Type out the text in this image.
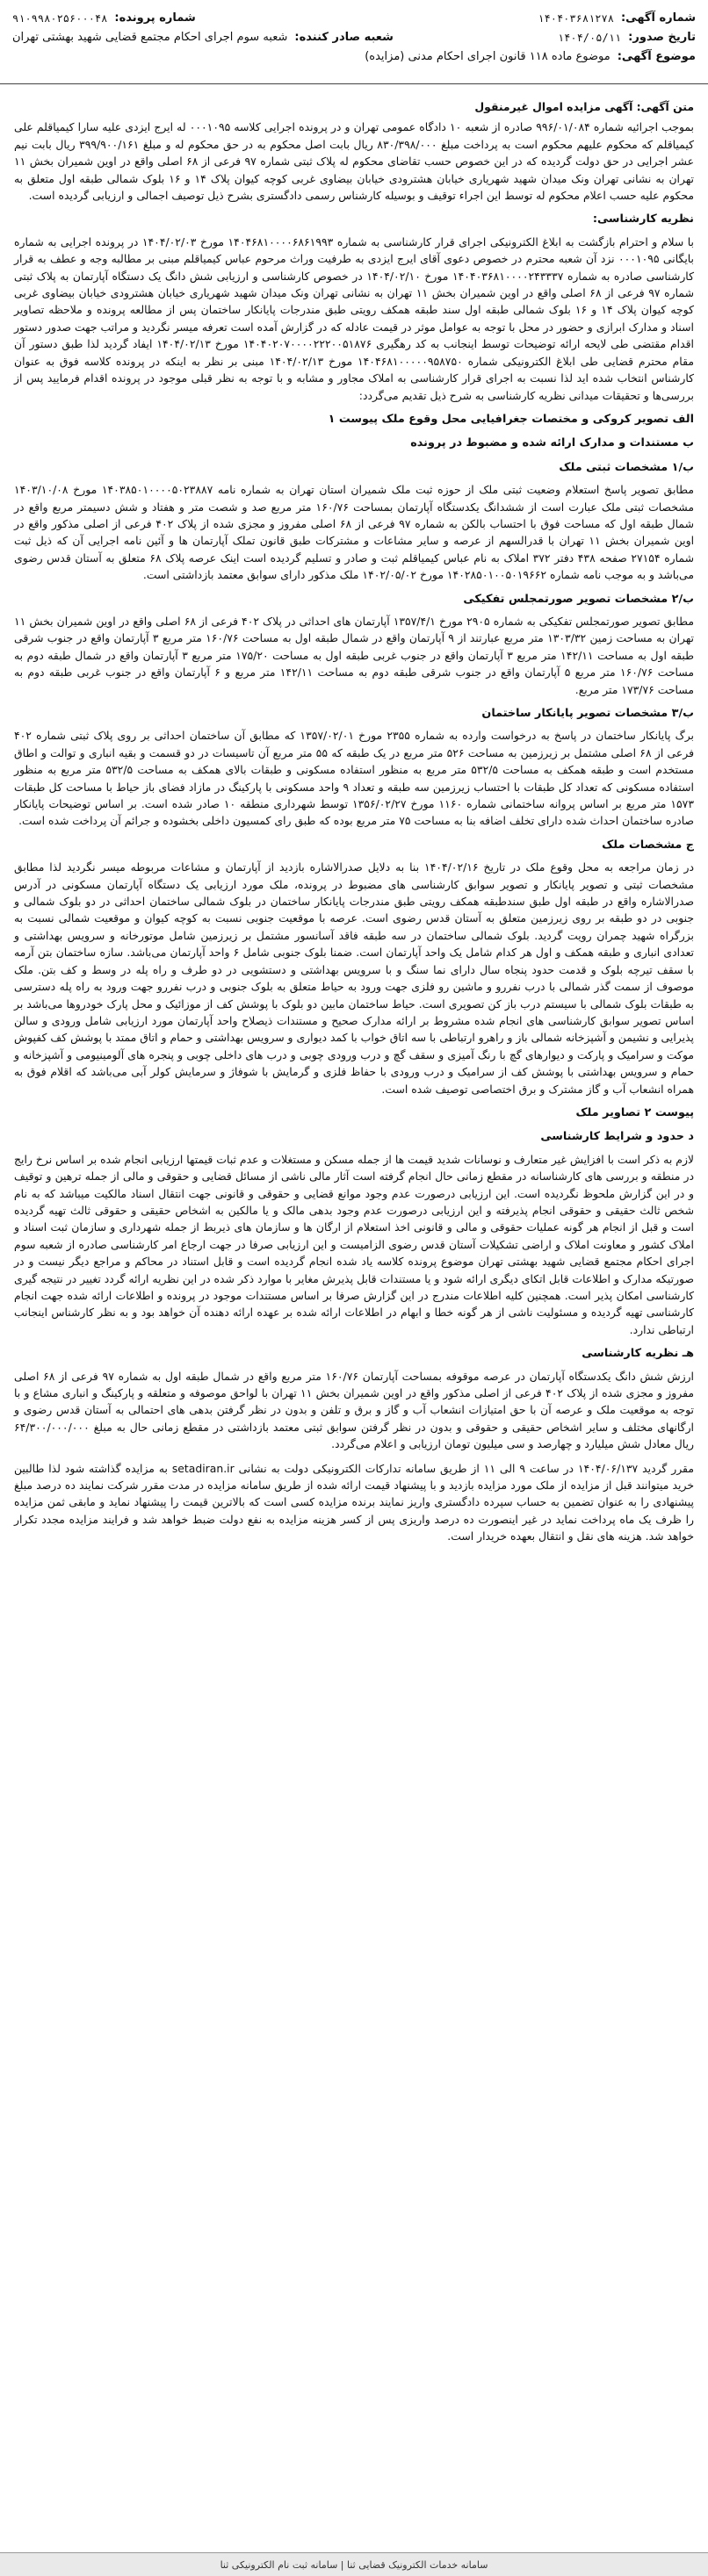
شماره آگهی:
۱۴۰۴۰۳۶۸۱۲۷۸
شماره پرونده:
۹۱۰۹۹۸۰۲۵۶۰۰۰۴۸
تاریخ صدور:
۱۴۰۴/۰۵/۱۱
شعبه صادر کننده:
شعبه سوم اجرای احکام مجتمع قضایی شهید بهشتی تهران
موضوع آگهی:
موضوع ماده ۱۱۸ قانون اجرای احکام مدنی (مزایده)
متن آگهی: آگهی مزایده اموال غیرمنقول

بموجب اجرائیه شماره ۹۹۶/۰۱/۰۸۴ صادره از شعبه ۱۰ دادگاه عمومی تهران و در پرونده اجرایی کلاسه ۰۰۰۱۰۹۵ له ایرج ایزدی علیه سارا کیمیاقلم علی کیمیاقلم که محکوم علیهم محکوم است به پرداخت مبلغ ۸۳۰/۳۹۸/۰۰۰ ریال بابت اصل محکوم به در حق محکوم له و مبلغ ۳۹۹/۹۰۰/۱۶۱ ریال بابت نیم عشر اجرایی در حق دولت گردیده که در این خصوص حسب تقاضای محکوم له پلاک ثبتی شماره ۹۷ فرعی از ۶۸ اصلی واقع در اوین شمیران بخش ۱۱ تهران به نشانی تهران ونک میدان شهید شهریاری خیابان هشترودی خیابان بیضاوی غربی کوچه کیوان پلاک ۱۴ و ۱۶ بلوک شمالی طبقه اول متعلق به محکوم علیه حسب اعلام محکوم له توسط این اجراء توقیف و بوسیله کارشناس رسمی دادگستری بشرح ذیل توصیف اجمالی و ارزیابی گردیده است.

نظریه کارشناسی:

با سلام و احترام بازگشت به ابلاغ الکترونیکی اجرای قرار کارشناسی به شماره ۱۴۰۴۶۸۱۰۰۰۰۶۸۶۱۹۹۳ مورخ ۱۴۰۴/۰۲/۰۳ در پرونده اجرایی به شماره بایگانی ۰۰۰۱۰۹۵ نزد آن شعبه محترم در خصوص دعوی آقای ایرج ایزدی به طرفیت وراث مرحوم عباس کیمیاقلم مبنی بر مطالبه وجه و عطف به قرار کارشناسی صادره به شماره ۱۴۰۴۰۳۶۸۱۰۰۰۰۲۴۳۳۳۷ مورخ ۱۴۰۴/۰۲/۱۰ در خصوص کارشناسی و ارزیابی شش دانگ یک دستگاه آپارتمان به پلاک ثبتی شماره ۹۷ فرعی از ۶۸ اصلی واقع در اوین شمیران بخش ۱۱ تهران به نشانی تهران ونک میدان شهید شهریاری خیابان هشترودی خیابان بیضاوی غربی کوچه کیوان پلاک ۱۴ و ۱۶ بلوک شمالی طبقه اول سند طبقه همکف رویتی طبق مندرجات پایانکار ساختمان پس از مطالعه پرونده و ملاحظه تصاویر اسناد و مدارک ابرازی و حضور در محل با توجه به عوامل موثر در قیمت عادله که در گزارش آمده است تعرفه میسر نگردید و مراتب جهت صدور دستور اقدام مقتضی طی لایحه ارائه توضیحات توسط اینجانب به کد رهگیری ۱۴۰۴۰۲۰۷۰۰۰۰۲۲۲۰۰۵۱۸۷۶ مورخ ۱۴۰۴/۰۲/۱۳ ایفاد گردید لذا طبق دستور آن مقام محترم قضایی طی ابلاغ الکترونیکی شماره ۱۴۰۴۶۸۱۰۰۰۰۰۹۵۸۷۵۰ مورخ ۱۴۰۴/۰۲/۱۳ مبنی بر نظر به اینکه در پرونده کلاسه فوق به عنوان کارشناس انتخاب شده اید لذا نسبت به اجرای قرار کارشناسی به املاک مجاور و مشابه و با توجه به نظر قبلی موجود در پرونده اقدام فرمایید پس از بررسی‌ها و تحقیقات میدانی نظریه کارشناسی به شرح ذیل تقدیم می‌گردد:

الف تصویر کروکی و مختصات جغرافیایی محل وقوع ملک پیوست ۱
ب مستندات و مدارک ارائه شده و مضبوط در پرونده
ب/۱ مشخصات ثبتی ملک

مطابق تصویر پاسخ استعلام وضعیت ثبتی ملک از حوزه ثبت ملک شمیران استان تهران به شماره نامه ۱۴۰۳۸۵۰۱۰۰۰۰۵۰۲۳۸۸۷ مورخ ۱۴۰۳/۱۰/۰۸ مشخصات ثبتی ملک عبارت است از ششدانگ یکدستگاه آپارتمان بمساحت ۱۶۰/۷۶ متر مربع صد و شصت متر و هفتاد و شش دسیمتر مربع واقع در شمال طبقه اول که مساحت فوق با احتساب بالکن به شماره ۹۷ فرعی از ۶۸ اصلی مفروز و مجزی شده از پلاک ۴۰۲ فرعی از اصلی مذکور واقع در اوین شمیران بخش ۱۱ تهران با قدرالسهم از عرصه و سایر مشاعات و مشترکات طبق قانون تملک آپارتمان ها و آئین نامه اجرایی آن که ذیل ثبت شماره ۲۷۱۵۴ صفحه ۴۳۸ دفتر ۳۷۲ املاک به نام عباس کیمیاقلم ثبت و صادر و تسلیم گردیده است اینک عرصه پلاک ۶۸ متعلق به آستان قدس رضوی می‌باشد و به موجب نامه شماره ۱۴۰۲۸۵۰۱۰۰۵۰۱۹۶۶۲ مورخ ۱۴۰۲/۰۵/۰۲ ملک مذکور دارای سوابق معتمد بازداشتی است.

ب/۲ مشخصات تصویر صورتمجلس تفکیکی

مطابق تصویر صورتمجلس تفکیکی به شماره ۲۹۰۵ مورخ ۱۳۵۷/۴/۱ آپارتمان های احداثی در پلاک ۴۰۲ فرعی از ۶۸ اصلی واقع در اوین شمیران بخش ۱۱ تهران به مساحت زمین ۱۳۰۳/۳۲ متر مربع عبارتند از ۹ آپارتمان واقع در شمال طبقه اول به مساحت ۱۶۰/۷۶ متر مربع ۳ آپارتمان واقع در جنوب شرقی طبقه اول به مساحت ۱۴۲/۱۱ متر مربع ۳ آپارتمان واقع در جنوب غربی طبقه اول به مساحت ۱۷۵/۲۰ متر مربع ۳ آپارتمان واقع در شمال طبقه دوم به مساحت ۱۶۰/۷۶ متر مربع ۵ آپارتمان واقع در جنوب شرقی طبقه دوم به مساحت ۱۴۲/۱۱ متر مربع و ۶ آپارتمان واقع در جنوب غربی طبقه دوم به مساحت ۱۷۳/۷۶ متر مربع.

ب/۳ مشخصات تصویر پایانکار ساختمان

برگ پایانکار ساختمان در پاسخ به درخواست وارده به شماره ۲۳۵۵ مورخ ۱۳۵۷/۰۲/۰۱ که مطابق آن ساختمان احداثی بر روی پلاک ثبتی شماره ۴۰۲ فرعی از ۶۸ اصلی مشتمل بر زیرزمین به مساحت ۵۲۶ متر مربع در یک طبقه که ۵۵ متر مربع آن تاسیسات در دو قسمت و بقیه انباری و توالت و اطاق مستخدم است و طبقه همکف به مساحت ۵۳۲/۵ متر مربع به منظور استفاده مسکونی و طبقات بالای همکف به مساحت ۵۳۲/۵ متر مربع به منظور استفاده مسکونی که تعداد کل طبقات با احتساب زیرزمین سه طبقه و تعداد ۹ واحد مسکونی با پارکینگ در مازاد فضای باز حیاط با مساحت کل طبقات ۱۵۷۳ متر مربع بر اساس پروانه ساختمانی شماره ۱۱۶۰ مورخ ۱۳۵۶/۰۲/۲۷ توسط شهرداری منطقه ۱۰ صادر شده است. بر اساس توضیحات پایانکار صادره ساختمان احداث شده دارای تخلف اضافه بنا به مساحت ۷۵ متر مربع بوده که طبق رای کمسیون داخلی بخشوده و جرائم آن پرداخت شده است.

ج مشخصات ملک

در زمان مراجعه به محل وقوع ملک در تاریخ ۱۴۰۴/۰۲/۱۶ بنا به دلایل صدرالاشاره بازدید از آپارتمان و مشاعات مربوطه میسر نگردید لذا مطابق مشخصات ثبتی و تصویر پایانکار و تصویر سوابق کارشناسی های مضبوط در پرونده، ملک مورد ارزیابی یک دستگاه آپارتمان مسکونی در آدرس صدرالاشاره واقع در طبقه اول طبق سندطبقه همکف رویتی طبق مندرجات پایانکار ساختمان در بلوک شمالی ساختمان احداثی در دو بلوک شمالی و جنوبی در دو طبقه بر روی زیرزمین متعلق به آستان قدس رضوی است. عرصه با موقعیت جنوبی نسبت به کوچه کیوان و موقعیت شمالی نسبت به بزرگراه شهید چمران رویت گردید. بلوک شمالی ساختمان در سه طبقه فاقد آسانسور مشتمل بر زیرزمین شامل موتورخانه و سرویس بهداشتی و تعدادی انباری و طبقه همکف و اول هر کدام شامل یک واحد آپارتمان است. ضمنا بلوک جنوبی شامل ۶ واحد آپارتمان می‌باشد. سازه ساختمان بتن آرمه با سقف تیرچه بلوک و قدمت حدود پنجاه سال دارای نما سنگ و با سرویس بهداشتی و دستشویی در دو طرف و راه پله در وسط و کف بتن. ملک موصوف از سمت گذر شمالی با درب نفررو و ماشین رو فلزی جهت ورود به حیاط متعلق به بلوک جنوبی و درب نفررو جهت ورود به راه پله دسترسی به طبقات بلوک شمالی با سیستم درب باز کن تصویری است. حیاط ساختمان مابین دو بلوک با پوشش کف از موزائیک و محل پارک خودروها می‌باشد بر اساس تصویر سوابق کارشناسی های انجام شده مشروط بر ارائه مدارک صحیح و مستندات ذیصلاح واحد آپارتمان مورد ارزیابی شامل ورودی و سالن پذیرایی و نشیمن و آشپزخانه شمالی باز و راهرو ارتباطی با سه اتاق خواب با کمد دیواری و سرویس بهداشتی و حمام و اتاق ممتد با پوشش کف کفپوش موکت و سرامیک و پارکت و دیوارهای گچ با رنگ آمیزی و سقف گچ و درب ورودی چوبی و درب های داخلی چوبی و پنجره های آلومینیومی و آشپزخانه و حمام و سرویس بهداشتی با پوشش کف از سرامیک و درب ورودی با حفاظ فلزی و گرمایش با شوفاژ و سرمایش کولر آبی می‌باشد که اقلام فوق به همراه انشعاب آب و گاز مشترک و برق اختصاصی توصیف شده است.

پیوست ۲ تصاویر ملک
د حدود و شرایط کارشناسی

لازم به ذکر است با افزایش غیر متعارف و نوسانات شدید قیمت ها از جمله مسکن و مستغلات و عدم ثبات قیمتها ارزیابی انجام شده بر اساس نرخ رایج در منطقه و بررسی های کارشناسانه در مقطع زمانی حال انجام گرفته است آثار مالی ناشی از مسائل قضایی و حقوقی و مالی از جمله ترهین و توقیف و در این گزارش ملحوظ نگردیده است. این ارزیابی درصورت عدم وجود موانع قضایی و حقوقی و قانونی جهت انتقال اسناد مالکیت میباشد که به نام شخص ثالث حقیقی و حقوقی انجام پذیرفته و این ارزیابی درصورت عدم وجود بدهی مالک و یا مالکین به اشخاص حقیقی و حقوقی ثالث تهیه گردیده است و قبل از انجام هر گونه عملیات حقوقی و مالی و قانونی اخذ استعلام از ارگان ها و سازمان های ذیربط از جمله شهرداری و سازمان ثبت اسناد و املاک کشور و معاونت املاک و اراضی تشکیلات آستان قدس رضوی الزامیست و این ارزیابی صرفا در جهت ارجاع امر کارشناسی صادره از شعبه سوم اجرای احکام مجتمع قضایی شهید بهشتی تهران موضوع پرونده کلاسه یاد شده انجام گردیده است و قابل استناد در محاکم و مراجع دیگر نیست و در صورتیکه مدارک و اطلاعات قابل اتکای دیگری ارائه شود و یا مستندات قابل پذیرش مغایر با موارد ذکر شده در این نظریه ارائه گردد تغییر در نتیجه گیری کارشناسی امکان پذیر است. همچنین کلیه اطلاعات مندرج در این گزارش صرفا بر اساس مستندات موجود در پرونده و اطلاعات ارائه شده جهت انجام کارشناسی تهیه گردیده و مسئولیت ناشی از هر گونه خطا و ابهام در اطلاعات ارائه شده بر عهده ارائه دهنده آن خواهد بود و به نظر کارشناس اینجانب ارتباطی ندارد.

هـ نظریه کارشناسی

ارزش شش دانگ یکدستگاه آپارتمان در عرصه موقوفه بمساحت آپارتمان ۱۶۰/۷۶ متر مربع واقع در شمال طبقه اول به شماره ۹۷ فرعی از ۶۸ اصلی مفروز و مجزی شده از پلاک ۴۰۲ فرعی از اصلی مذکور واقع در اوین شمیران بخش ۱۱ تهران با لواحق موصوفه و متعلقه و پارکینگ و انباری مشاع و با توجه به موقعیت ملک و عرصه آن با حق امتیازات انشعاب آب و گاز و برق و تلفن و بدون در نظر گرفتن بدهی های احتمالی به آستان قدس رضوی و ارگانهای مختلف و سایر اشخاص حقیقی و حقوقی و بدون در نظر گرفتن سوابق ثبتی معتمد بازداشتی در مقطع زمانی حال به مبلغ ۶۴/۳۰۰/۰۰۰/۰۰۰ ریال معادل شش میلیارد و چهارصد و سی میلیون تومان ارزیابی و اعلام می‌گردد.

مقرر گردید ۱۴۰۴/۰۶/۱۳۷ در ساعت ۹ الی ۱۱ از طریق سامانه تدارکات الکترونیکی دولت به نشانی setadiran.ir به مزایده گذاشته شود لذا طالبین خرید میتوانند قبل از مزایده از ملک مورد مزایده بازدید و با پیشنهاد قیمت ارائه شده از طریق سامانه مزایده در مدت مقرر شرکت نمایند ده درصد مبلغ پیشنهادی را به عنوان تضمین به حساب سپرده دادگستری واریز نمایند برنده مزایده کسی است که بالاترین قیمت را پیشنهاد نماید و مابقی ثمن مزایده را ظرف یک ماه پرداخت نماید در غیر اینصورت ده درصد واریزی پس از کسر هزینه مزایده به نفع دولت ضبط خواهد شد و فرایند مزایده مجدد تکرار خواهد شد. هزینه های نقل و انتقال بعهده خریدار است.

سامانه خدمات الکترونیک قضایی ثنا | سامانه ثبت نام الکترونیکی ثنا
